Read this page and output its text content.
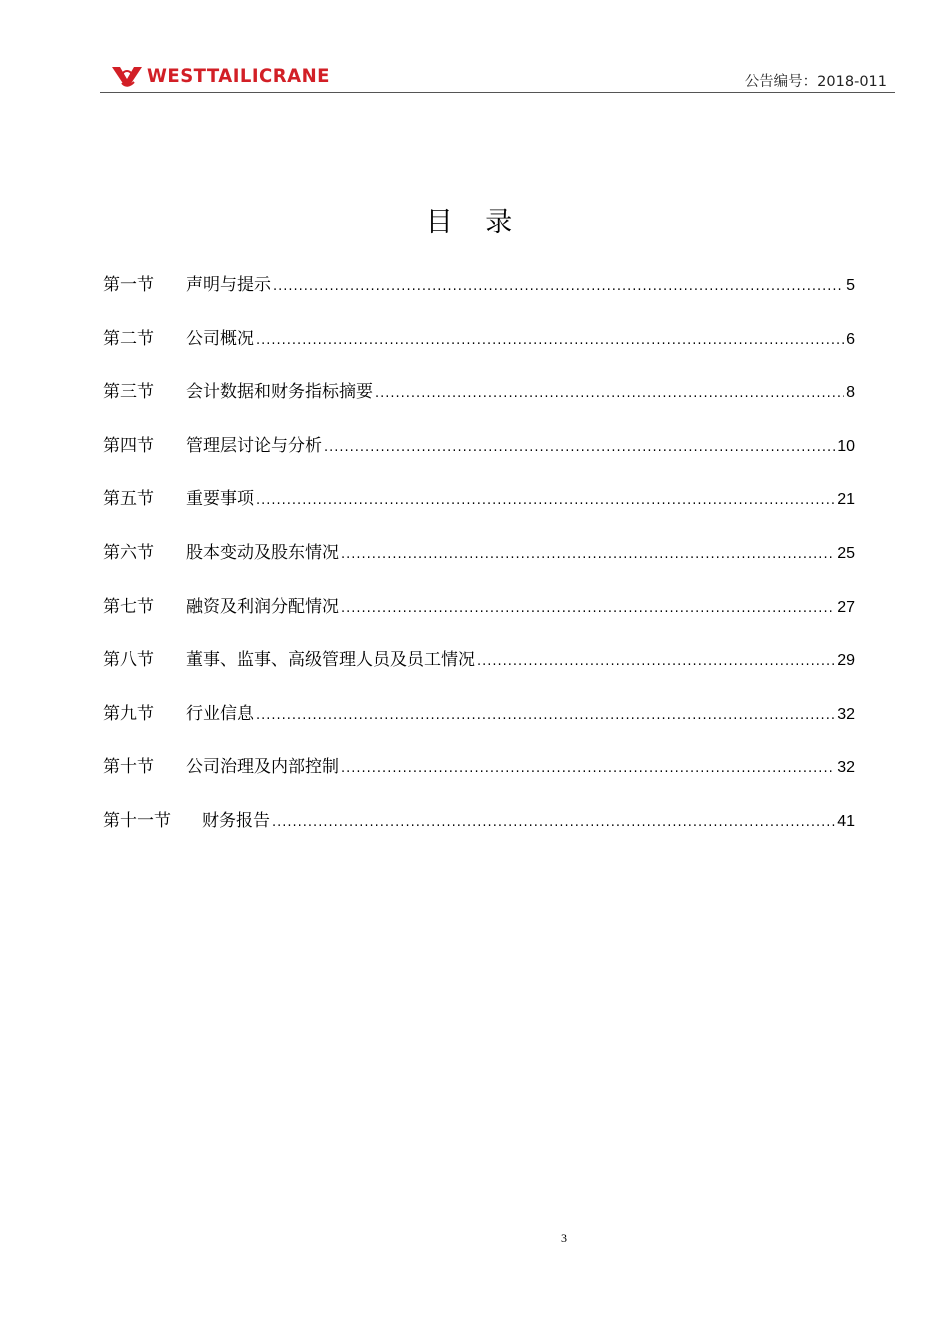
WESTTAILICRANE	公告编号：2018-011
目 录
第一节	声明与提示 .....	5
第二节	公司概况 .....	6
第三节	会计数据和财务指标摘要 .....	8
第四节	管理层讨论与分析 .....	10
第五节	重要事项 .....	21
第六节	股本变动及股东情况 .....	25
第七节	融资及利润分配情况 .....	27
第八节	董事、监事、高级管理人员及员工情况 .....	29
第九节	行业信息 .....	32
第十节	公司治理及内部控制 .....	32
第十一节	财务报告 .....	41
3
